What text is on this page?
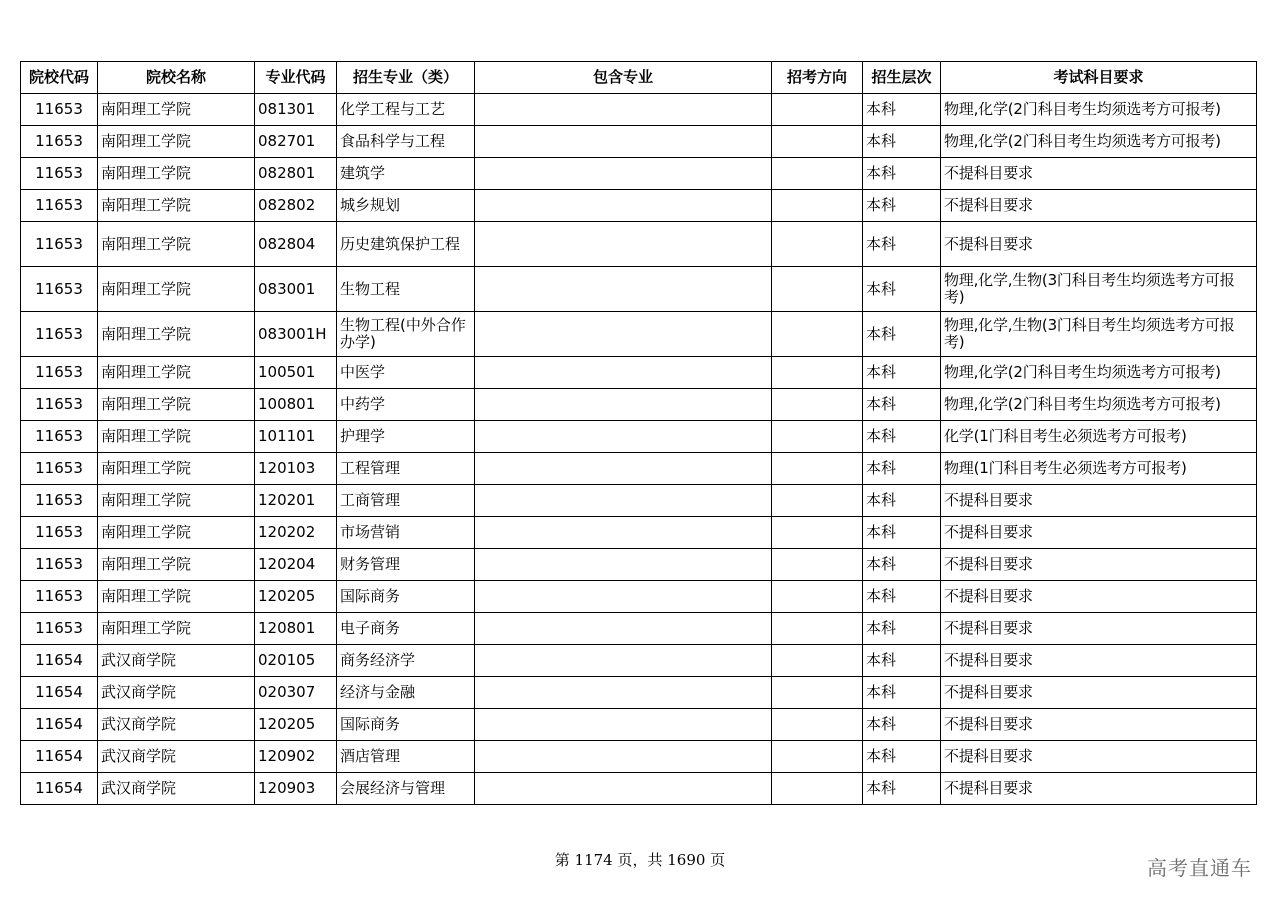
院校代码	院校名称	专业代码	招生专业（类）	包含专业	招考方向	招生层次	考试科目要求
11653	南阳理工学院	081301	化学工程与工艺			本科	物理,化学(2门科目考生均须选考方可报考)
11653	南阳理工学院	082701	食品科学与工程			本科	物理,化学(2门科目考生均须选考方可报考)
11653	南阳理工学院	082801	建筑学			本科	不提科目要求
11653	南阳理工学院	082802	城乡规划			本科	不提科目要求
11653	南阳理工学院	082804	历史建筑保护工程			本科	不提科目要求
11653	南阳理工学院	083001	生物工程			本科	物理,化学,生物(3门科目考生均须选考方可报考)
11653	南阳理工学院	083001H	生物工程(中外合作办学)			本科	物理,化学,生物(3门科目考生均须选考方可报考)
11653	南阳理工学院	100501	中医学			本科	物理,化学(2门科目考生均须选考方可报考)
11653	南阳理工学院	100801	中药学			本科	物理,化学(2门科目考生均须选考方可报考)
11653	南阳理工学院	101101	护理学			本科	化学(1门科目考生必须选考方可报考)
11653	南阳理工学院	120103	工程管理			本科	物理(1门科目考生必须选考方可报考)
11653	南阳理工学院	120201	工商管理			本科	不提科目要求
11653	南阳理工学院	120202	市场营销			本科	不提科目要求
11653	南阳理工学院	120204	财务管理			本科	不提科目要求
11653	南阳理工学院	120205	国际商务			本科	不提科目要求
11653	南阳理工学院	120801	电子商务			本科	不提科目要求
11654	武汉商学院	020105	商务经济学			本科	不提科目要求
11654	武汉商学院	020307	经济与金融			本科	不提科目要求
11654	武汉商学院	120205	国际商务			本科	不提科目要求
11654	武汉商学院	120902	酒店管理			本科	不提科目要求
11654	武汉商学院	120903	会展经济与管理			本科	不提科目要求
第 1174 页，共 1690 页	高考直通车
